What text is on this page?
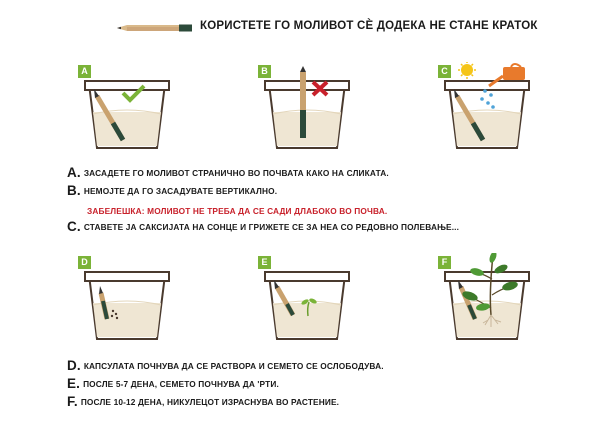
КОРИСТЕТЕ ГО МОЛИВОТ СЀ ДОДЕКА НЕ СТАНЕ КРАТОК
A	B	C
D	E	F
A. ЗАСАДЕТЕ ГО МОЛИВОТ СТРАНИЧНО ВО ПОЧВАТА КАКО НА СЛИКАТА.
B. НЕМОЈТЕ ДА ГО ЗАСАДУВАТЕ ВЕРТИКАЛНО.
ЗАБЕЛЕШКА: МОЛИВОТ НЕ ТРЕБА ДА СЕ САДИ ДЛАБОКО ВО ПОЧВА.
C. СТАВЕТЕ ЈА САКСИЈАТА НА СОНЦЕ И ГРИЖЕТЕ СЕ ЗА НЕА СО РЕДОВНО ПОЛЕВАЊЕ...
D. КАПСУЛАТА ПОЧНУВА ДА СЕ РАСТВОРА И СЕМЕТО СЕ ОСЛОБОДУВА.
E. ПОСЛЕ 5-7 ДЕНА, СЕМЕТО ПОЧНУВА ДА 'РТИ.
F. ПОСЛЕ 10-12 ДЕНА, НИКУЛЕЦОТ ИЗРАСНУВА ВО РАСТЕНИЕ.
